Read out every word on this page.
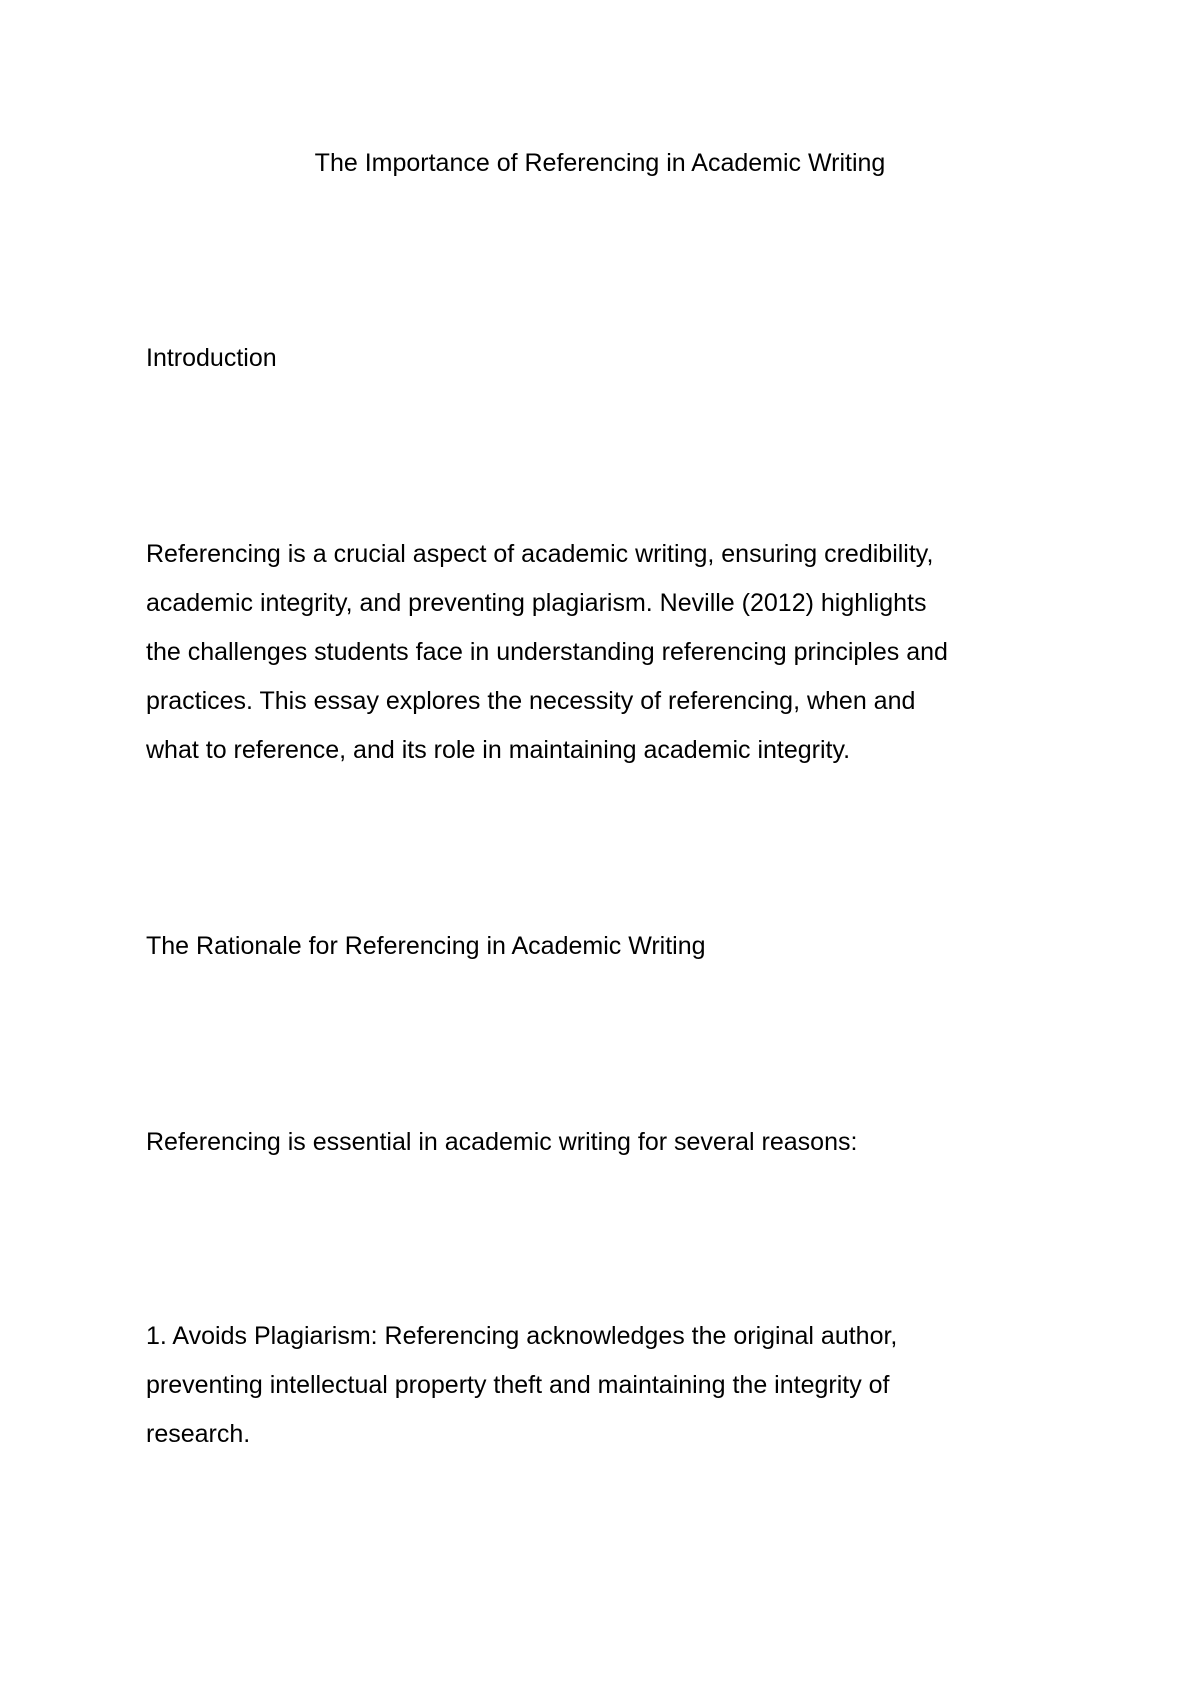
The Importance of Referencing in Academic Writing
Introduction
Referencing is a crucial aspect of academic writing, ensuring credibility,
academic integrity, and preventing plagiarism. Neville (2012) highlights
the challenges students face in understanding referencing principles and
practices. This essay explores the necessity of referencing, when and
what to reference, and its role in maintaining academic integrity.
The Rationale for Referencing in Academic Writing
Referencing is essential in academic writing for several reasons:
1. Avoids Plagiarism: Referencing acknowledges the original author,
preventing intellectual property theft and maintaining the integrity of
research.
